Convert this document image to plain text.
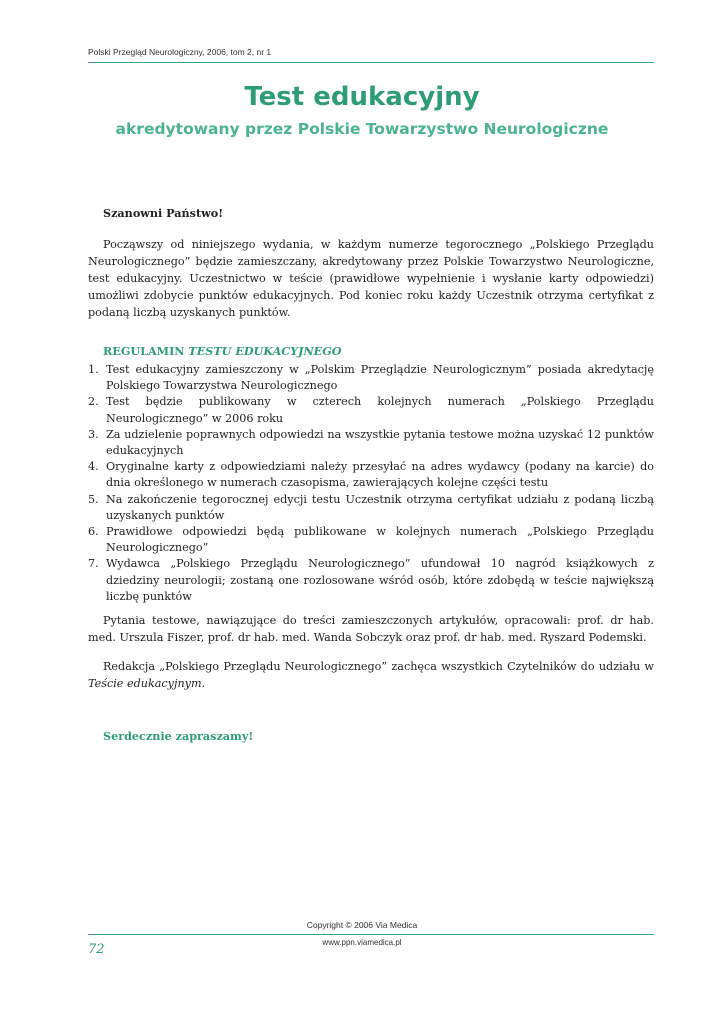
Polski Przegląd Neurologiczny, 2006, tom 2, nr 1
Test edukacyjny
akredytowany przez Polskie Towarzystwo Neurologiczne
Szanowni Państwo!
Począwszy od niniejszego wydania, w każdym numerze tegorocznego „Polskiego Przeglądu Neurologicznego” będzie zamieszczany, akredytowany przez Polskie Towarzystwo Neurologiczne, test edukacyjny. Uczestnictwo w teście (prawidłowe wypełnienie i wysłanie karty odpowiedzi) umożliwi zdobycie punktów edukacyjnych. Pod koniec roku każdy Uczestnik otrzyma certyfikat z podaną liczbą uzyskanych punktów.
REGULAMIN TESTU EDUKACYJNEGO
1. Test edukacyjny zamieszczony w „Polskim Przeglądzie Neurologicznym” posiada akredytację Polskiego Towarzystwa Neurologicznego
2. Test będzie publikowany w czterech kolejnych numerach „Polskiego Przeglądu Neurologicznego” w 2006 roku
3. Za udzielenie poprawnych odpowiedzi na wszystkie pytania testowe można uzyskać 12 punktów edukacyjnych
4. Oryginalne karty z odpowiedziami należy przesyłać na adres wydawcy (podany na karcie) do dnia określonego w numerach czasopisma, zawierających kolejne części testu
5. Na zakończenie tegorocznej edycji testu Uczestnik otrzyma certyfikat udziału z podaną liczbą uzyskanych punktów
6. Prawidłowe odpowiedzi będą publikowane w kolejnych numerach „Polskiego Przeglądu Neurologicznego”
7. Wydawca „Polskiego Przeglądu Neurologicznego” ufundował 10 nagród książkowych z dziedziny neurologii; zostaną one rozlosowane wśród osób, które zdobędą w teście największą liczbę punktów
Pytania testowe, nawiązujące do treści zamieszczonych artykułów, opracowali: prof. dr hab. med. Urszula Fiszer, prof. dr hab. med. Wanda Sobczyk oraz prof. dr hab. med. Ryszard Podemski.
Redakcja „Polskiego Przeglądu Neurologicznego” zachęca wszystkich Czytelników do udziału w Teście edukacyjnym.
Serdecznie zapraszamy!
Copyright © 2006 Via Medica
72	www.ppn.viamedica.pl
